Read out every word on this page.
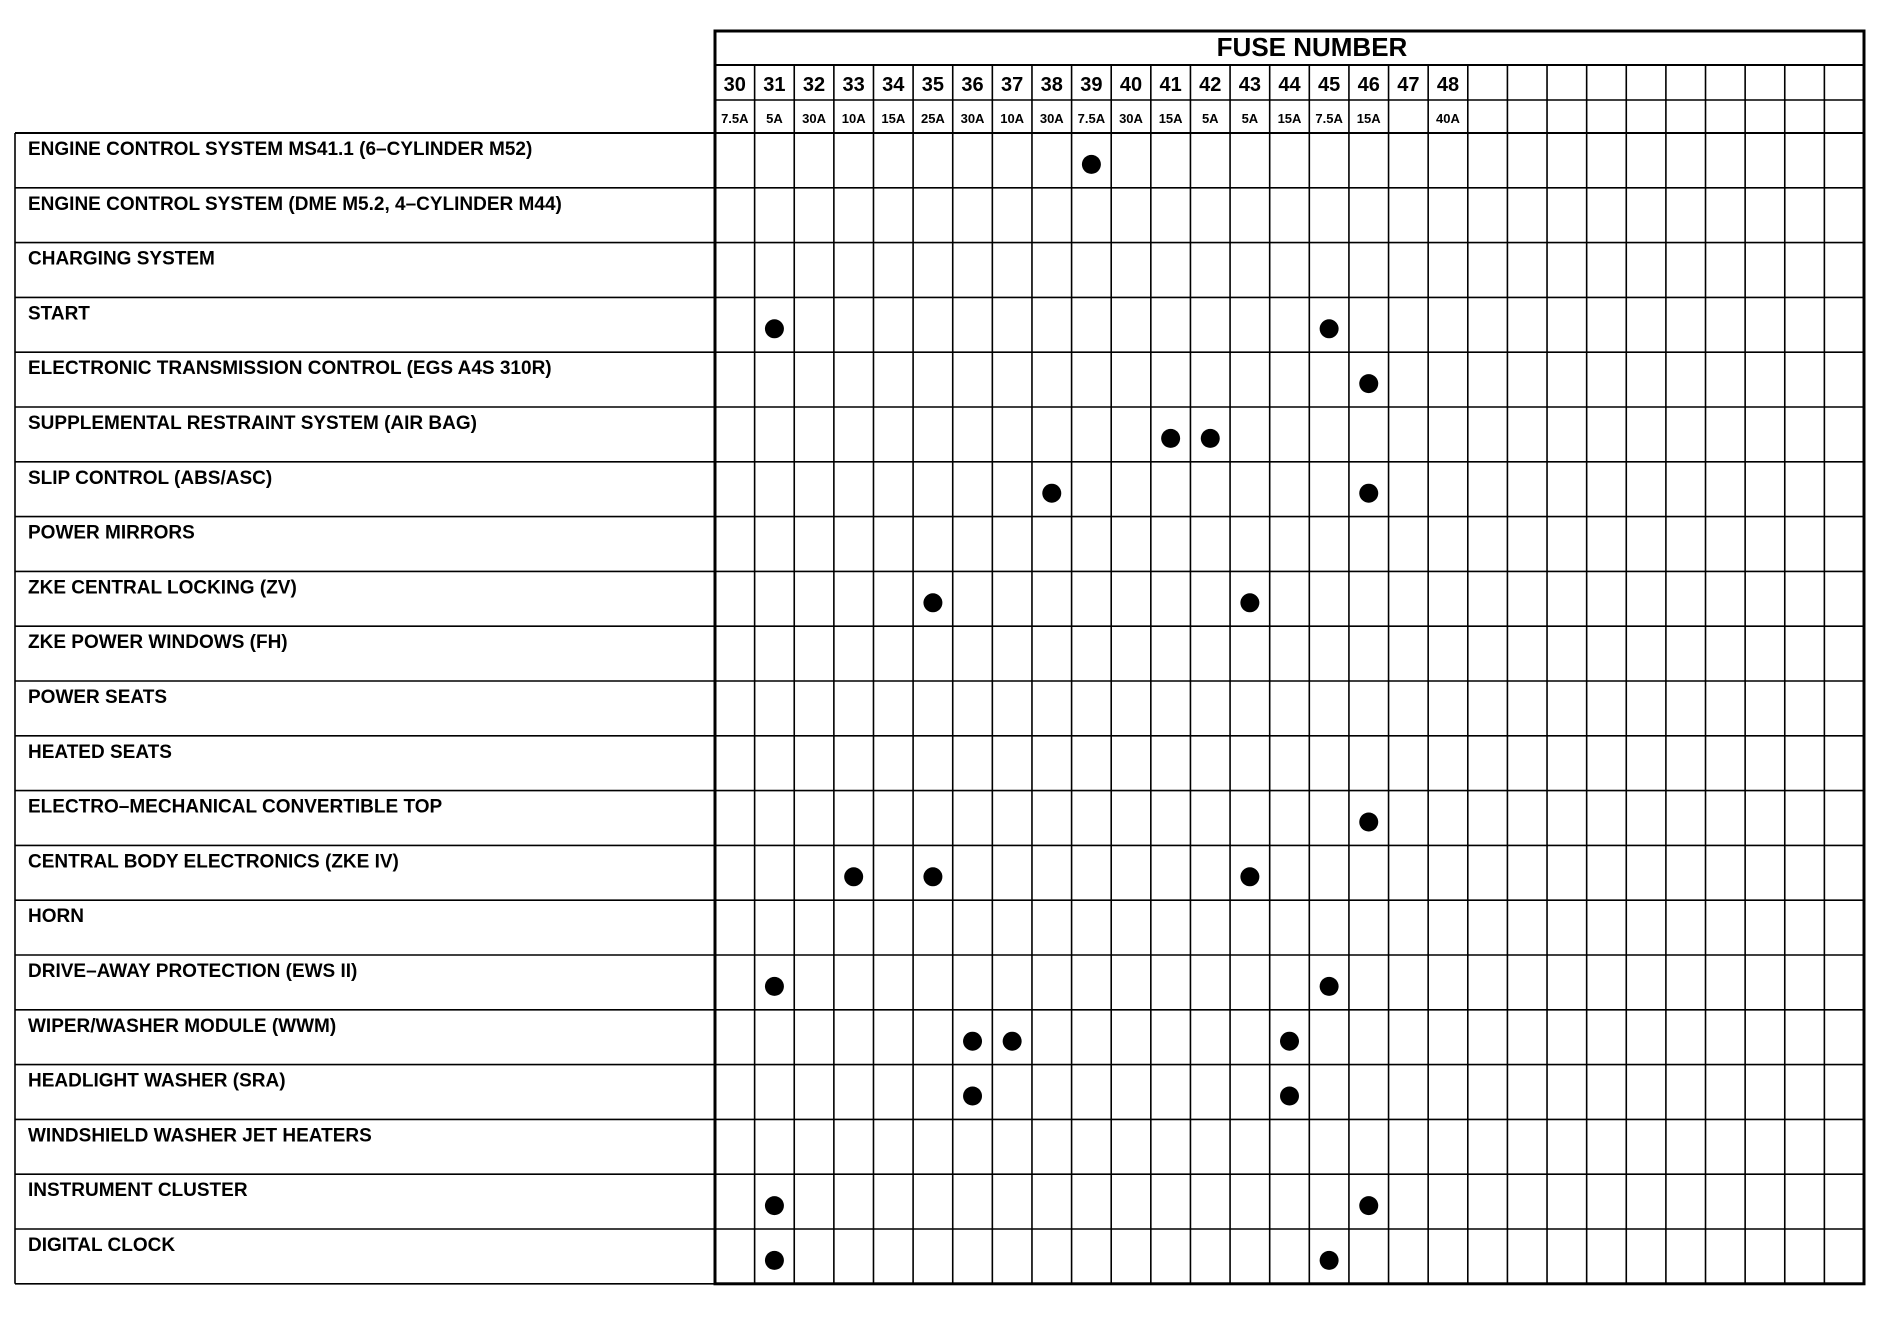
FUSE NUMBER
30 31 32 33 34 35 36 37 38 39 40 41 42 43 44 45 46 47 48
7.5A 5A 30A 10A 15A 25A 30A 10A 30A 7.5A 30A 15A 5A 5A 15A 7.5A 15A	40A
ENGINE CONTROL SYSTEM MS41.1 (6–CYLINDER M52)
ENGINE CONTROL SYSTEM (DME M5.2, 4–CYLINDER M44)
CHARGING SYSTEM
START
ELECTRONIC TRANSMISSION CONTROL (EGS A4S 310R)
SUPPLEMENTAL RESTRAINT SYSTEM (AIR BAG)
SLIP CONTROL (ABS/ASC)
POWER MIRRORS
ZKE CENTRAL LOCKING (ZV)
ZKE POWER WINDOWS (FH)
POWER SEATS
HEATED SEATS
ELECTRO–MECHANICAL CONVERTIBLE TOP
CENTRAL BODY ELECTRONICS (ZKE IV)
HORN
DRIVE–AWAY PROTECTION (EWS II)
WIPER/WASHER MODULE (WWM)
HEADLIGHT WASHER (SRA)
WINDSHIELD WASHER JET HEATERS
INSTRUMENT CLUSTER
DIGITAL CLOCK
